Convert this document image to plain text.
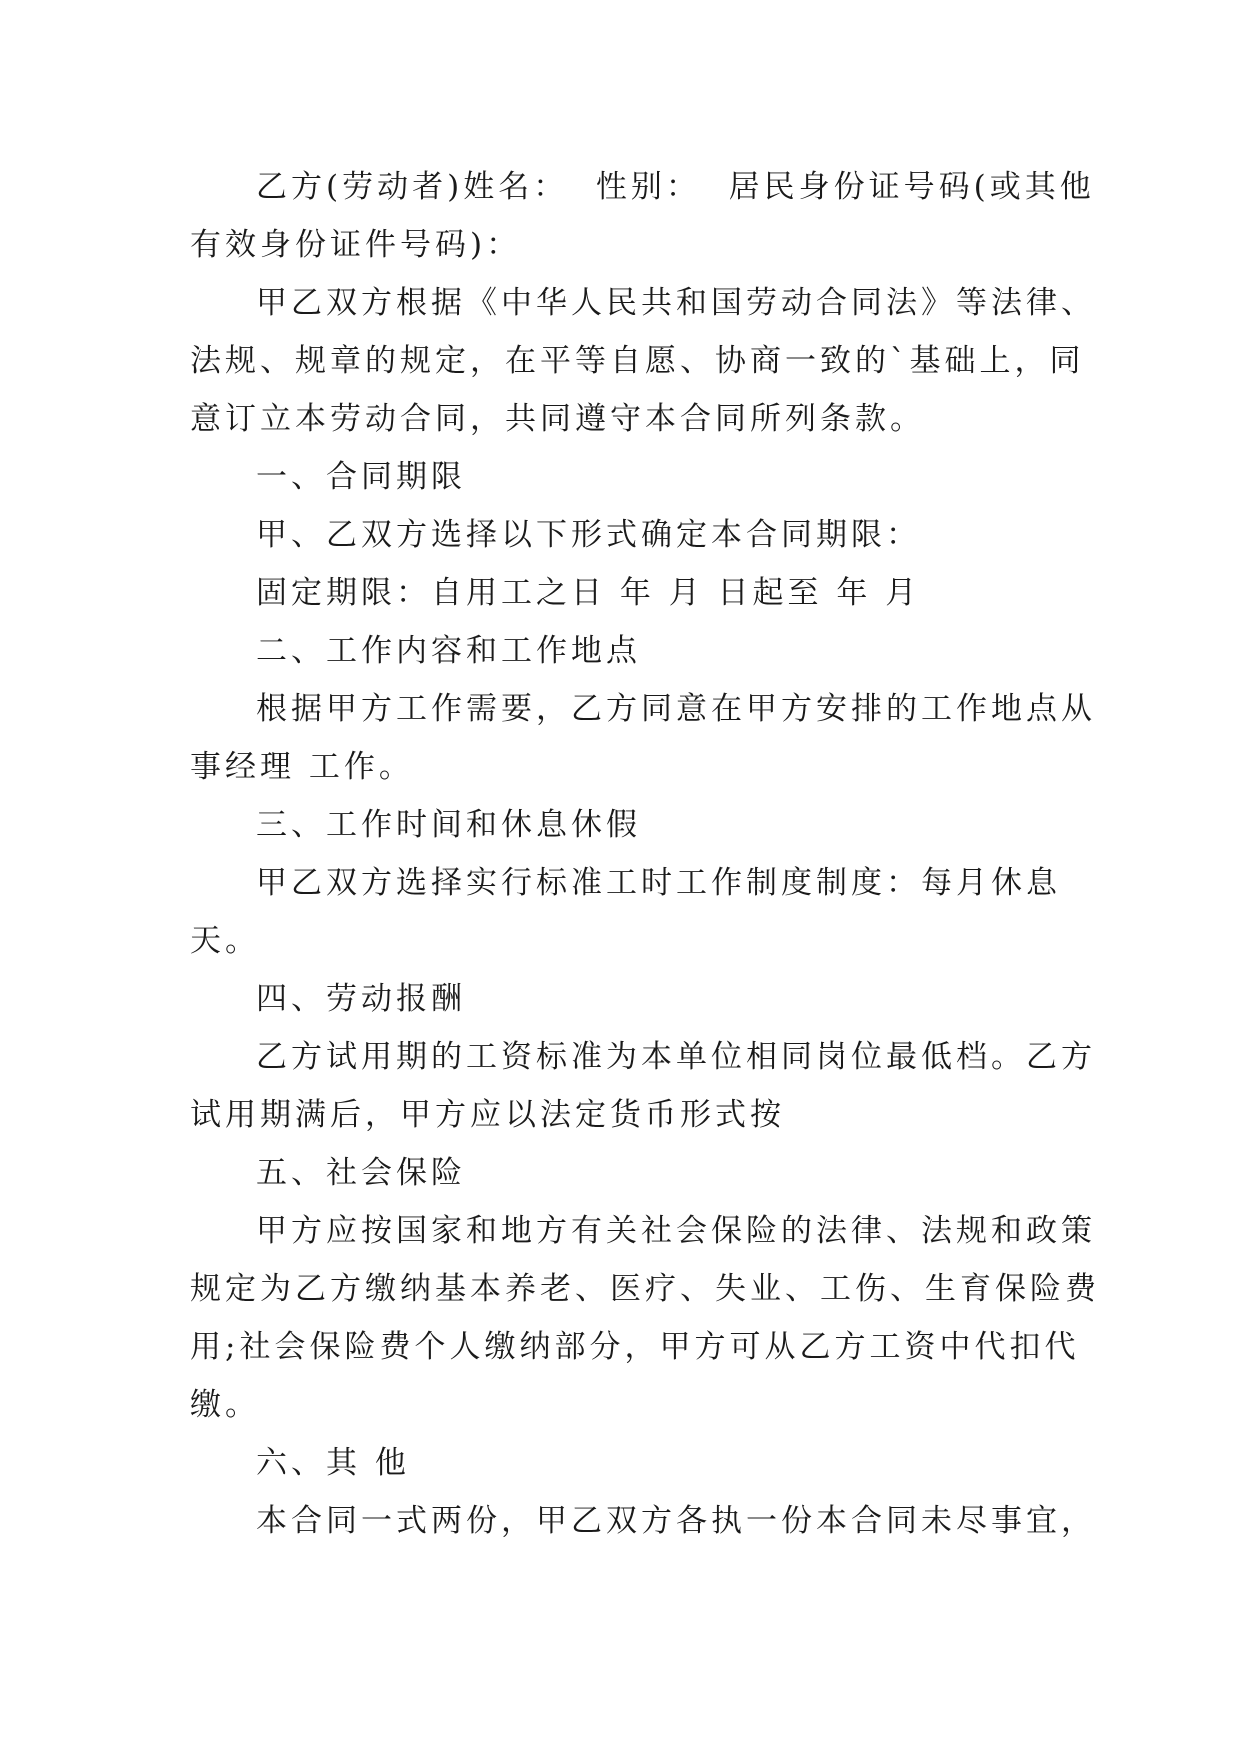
乙方(劳动者)姓名：  性别：  居民身份证号码(或其他
有效身份证件号码)：
甲乙双方根据《中华人民共和国劳动合同法》等法律、
法规、规章的规定，在平等自愿、协商一致的`基础上，同
意订立本劳动合同，共同遵守本合同所列条款。
一、合同期限
甲、乙双方选择以下形式确定本合同期限：
固定期限：自用工之日 年 月 日起至 年 月
二、工作内容和工作地点
根据甲方工作需要，乙方同意在甲方安排的工作地点从
事经理 工作。
三、工作时间和休息休假
甲乙双方选择实行标准工时工作制度制度：每月休息
天。
四、劳动报酬
乙方试用期的工资标准为本单位相同岗位最低档。乙方
试用期满后，甲方应以法定货币形式按
五、社会保险
甲方应按国家和地方有关社会保险的法律、法规和政策
规定为乙方缴纳基本养老、医疗、失业、工伤、生育保险费
用;社会保险费个人缴纳部分，甲方可从乙方工资中代扣代
缴。
六、其 他
本合同一式两份，甲乙双方各执一份本合同未尽事宜，
